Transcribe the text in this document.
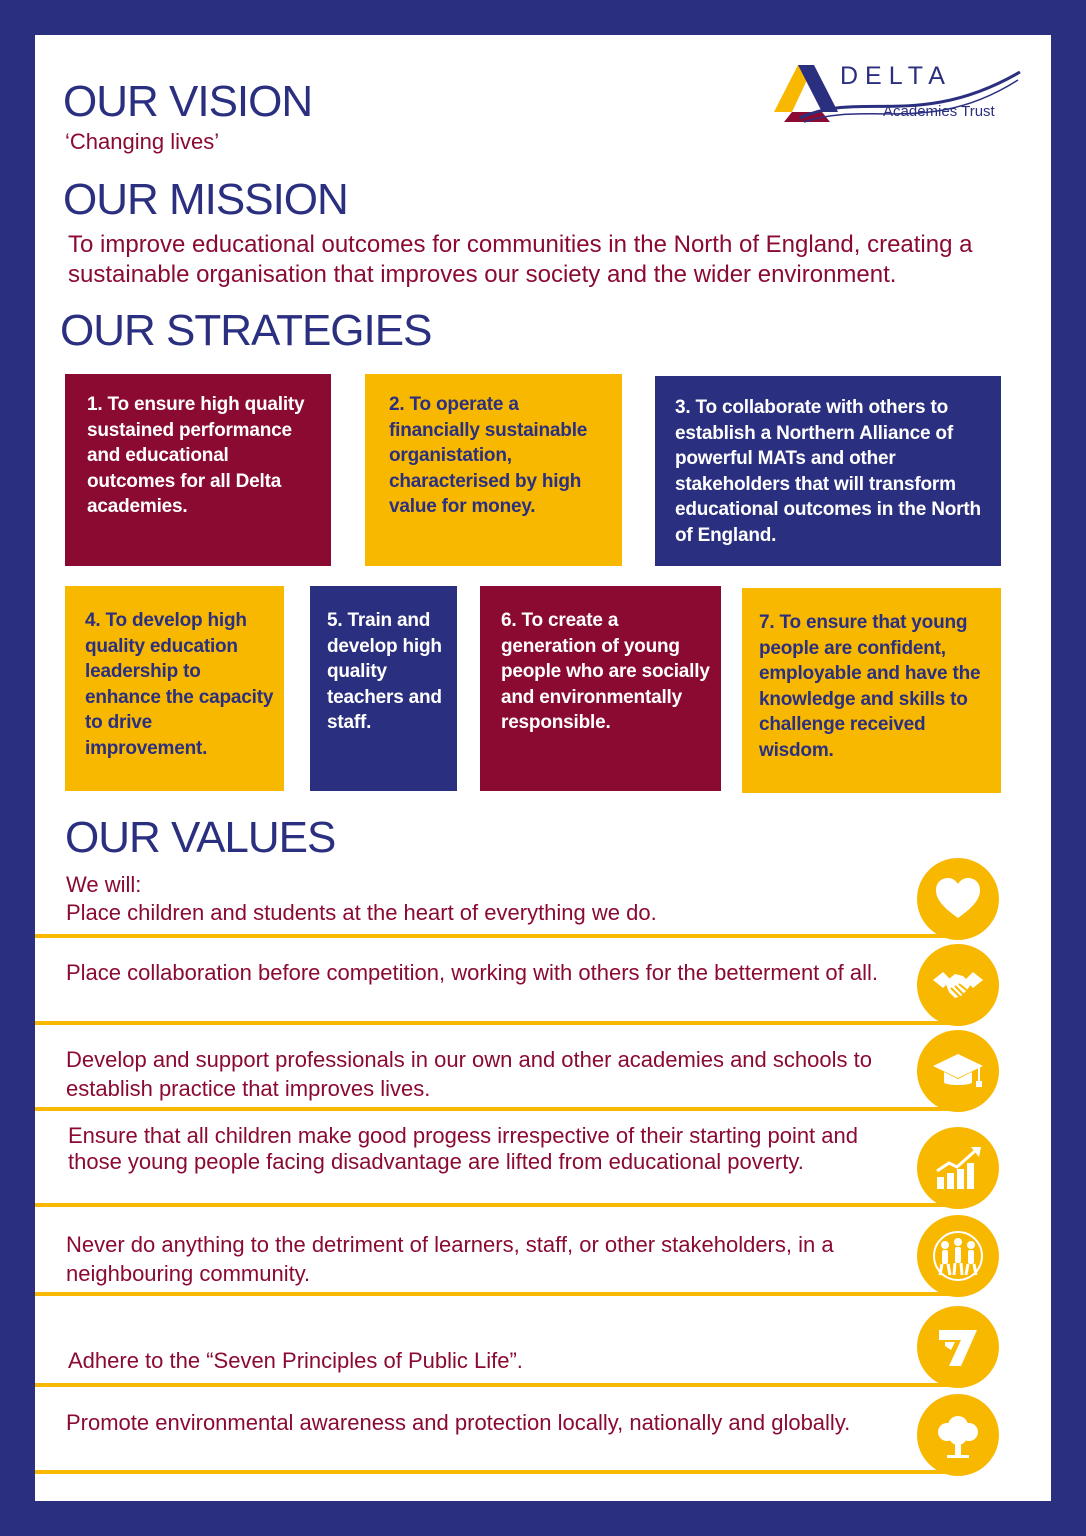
DELTA
Academies Trust
OUR VISION

‘Changing lives’

OUR MISSION

To improve educational outcomes for communities in the North of England, creating a sustainable organisation that improves our society and the wider environment.

OUR STRATEGIES
1. To ensure high quality sustained performance and educational outcomes for all Delta academies.
2. To operate a financially sustainable organistation, characterised by high value for money.
3. To collaborate with others to establish a Northern Alliance of powerful MATs and other stakeholders that will transform educational outcomes in the North of England.
4. To develop high quality education leadership to enhance the capacity to drive improvement.
5. Train and develop high quality teachers and staff.
6. To create a generation of young people who are socially and environmentally responsible.
7. To ensure that young people are confident, employable and have the knowledge and skills to challenge received wisdom.
OUR VALUES

We will:

Place children and students at the heart of everything we do.

Place collaboration before competition, working with others for the betterment of all.

Develop and support professionals in our own and other academies and schools to establish practice that improves lives.

Ensure that all children make good progess irrespective of their starting point and those young people facing disadvantage are lifted from educational poverty.

Never do anything to the detriment of learners, staff, or other stakeholders, in a neighbouring community.

Adhere to the “Seven Principles of Public Life”.

Promote environmental awareness and protection locally, nationally and globally.
